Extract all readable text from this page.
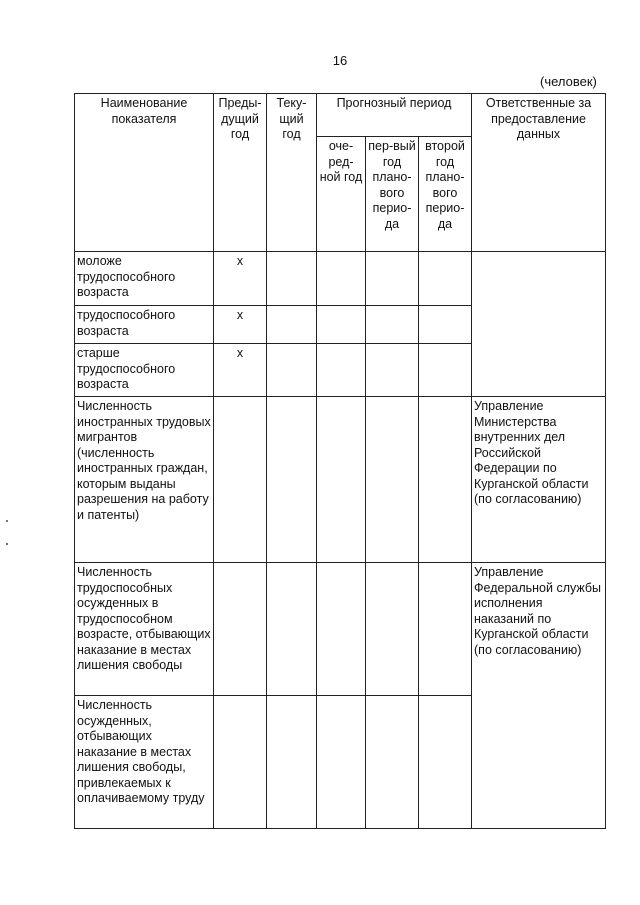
16
(человек)
Наименование показателя	Преды-дущий год	Теку-щий год	Прогнозный период			Ответственные за предоставление данных
			оче-ред-ной год	пер-вый год плано-вого перио-да	второй год плано-вого перио-да	
моложе трудоспособного возраста	х					
трудоспособного возраста	х					
старше трудоспособного возраста	х					
Численность иностранных трудовых мигрантов (численность иностранных граждан, которым выданы разрешения на работу и патенты)						Управление Министерства внутренних дел Российской Федерации по Курганской области (по согласованию)
Численность трудоспособных осужденных в трудоспособном возрасте, отбывающих наказание в местах лишения свободы						Управление Федеральной службы исполнения наказаний по Курганской области (по согласованию)
Численность осужденных, отбывающих наказание в местах лишения свободы, привлекаемых к оплачиваемому труду						
